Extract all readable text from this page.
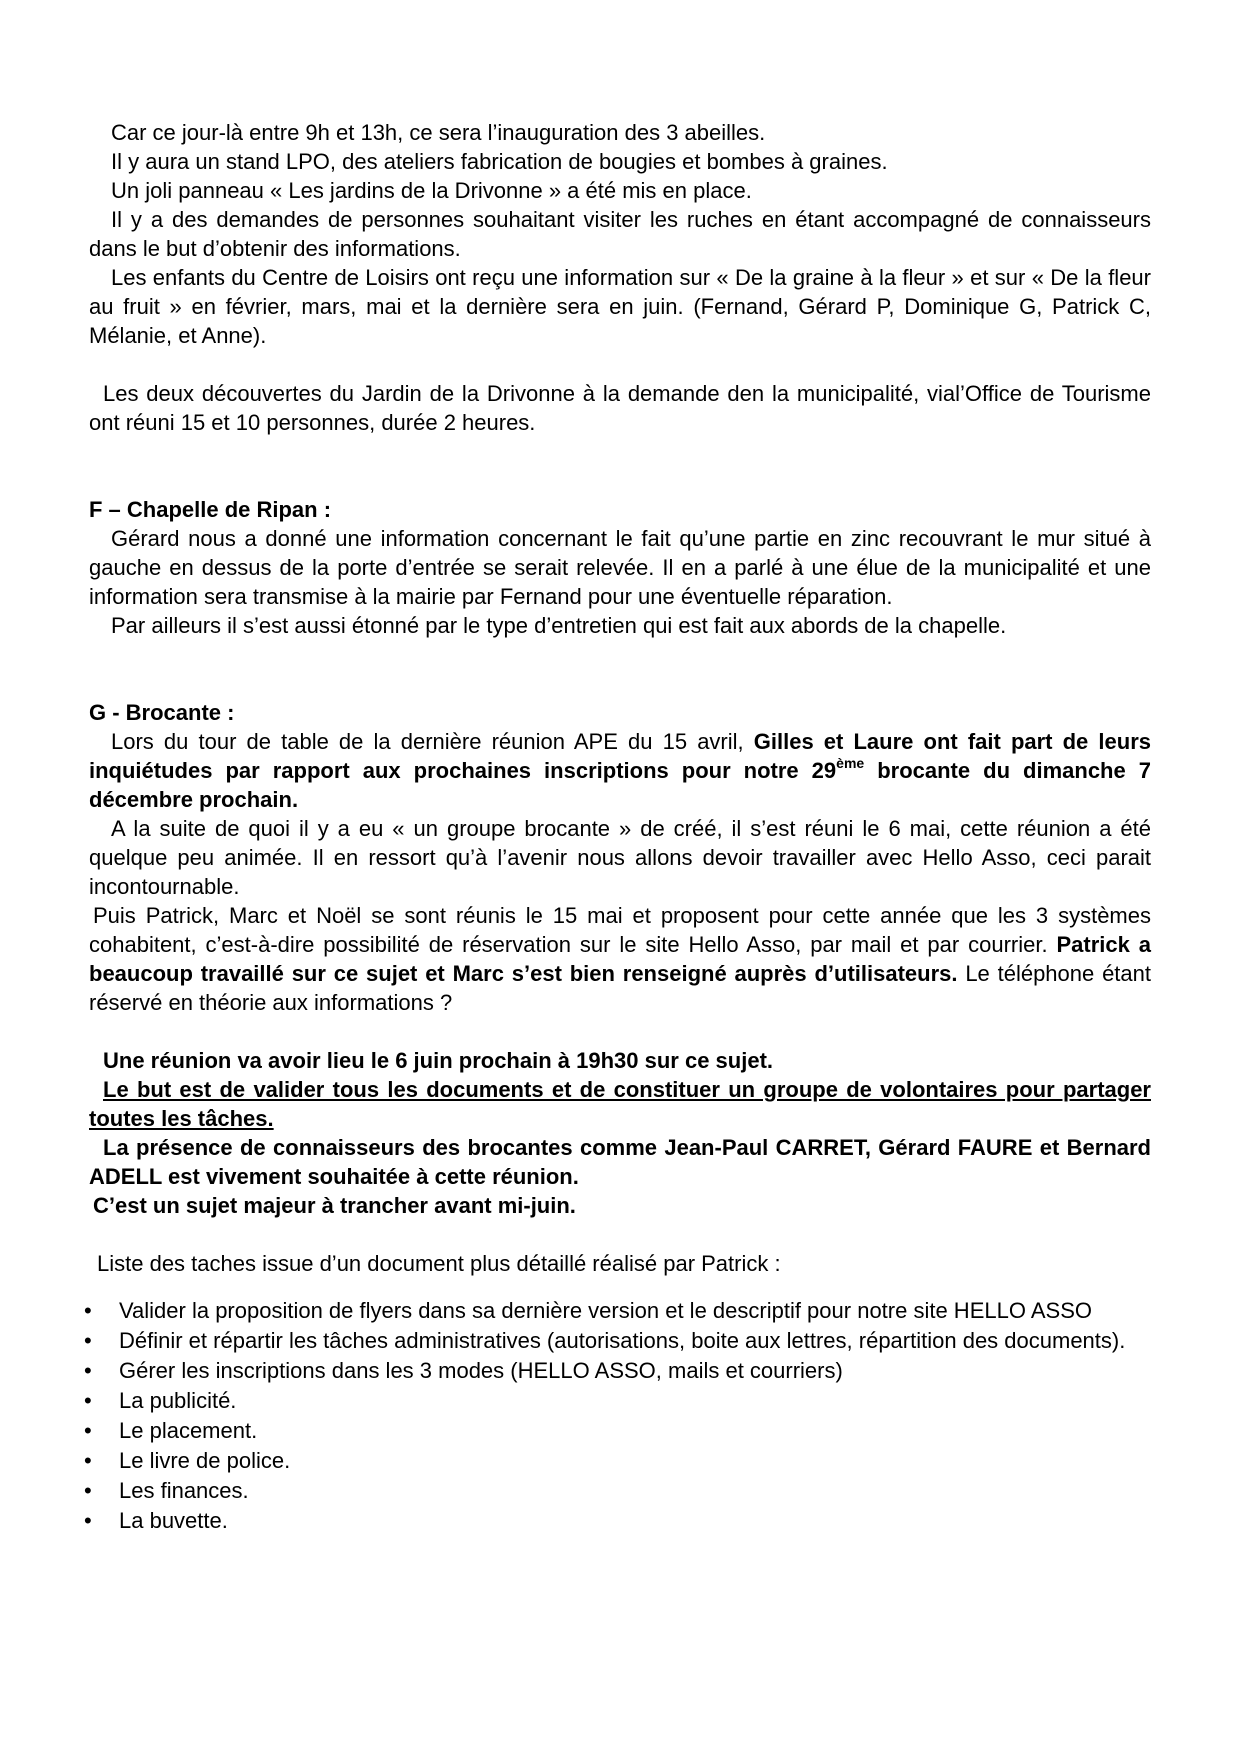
Car ce jour-là entre 9h et 13h, ce sera l’inauguration des 3 abeilles.

Il y aura un stand LPO, des ateliers fabrication de bougies et bombes à graines.

Un joli panneau « Les jardins de la Drivonne » a été mis en place.

Il y a des demandes de personnes souhaitant visiter les ruches en étant accompagné de connaisseurs dans le but d’obtenir des informations.

Les enfants du Centre de Loisirs ont reçu une information sur « De la graine à la fleur » et sur « De la fleur au fruit » en février, mars, mai et la dernière sera en juin. (Fernand, Gérard P, Dominique G, Patrick C, Mélanie, et Anne).

Les deux découvertes du Jardin de la Drivonne à la demande den la municipalité, vial’Office de Tourisme ont réuni 15 et 10 personnes, durée 2 heures.

F – Chapelle de Ripan :

Gérard nous a donné une information concernant le fait qu’une partie en zinc recouvrant le mur situé à gauche en dessus de la porte d’entrée se serait relevée. Il en a parlé à une élue de la municipalité et une information sera transmise à la mairie par Fernand pour une éventuelle réparation.

Par ailleurs il s’est aussi étonné par le type d’entretien qui est fait aux abords de la chapelle.

G - Brocante :

Lors du tour de table de la dernière réunion APE du 15 avril, Gilles et Laure ont fait part de leurs inquiétudes par rapport aux prochaines inscriptions pour notre 29ème brocante du dimanche 7 décembre prochain.

A la suite de quoi il y a eu « un groupe brocante » de créé, il s’est réuni le 6 mai, cette réunion a été quelque peu animée. Il en ressort qu’à l’avenir nous allons devoir travailler avec Hello Asso, ceci parait incontournable.

Puis Patrick, Marc et Noël se sont réunis le 15 mai et proposent pour cette année que les 3 systèmes cohabitent, c’est-à-dire possibilité de réservation sur le site Hello Asso, par mail et par courrier. Patrick a beaucoup travaillé sur ce sujet et Marc s’est bien renseigné auprès d’utilisateurs. Le téléphone étant réservé en théorie aux informations ?

Une réunion va avoir lieu le 6 juin prochain à 19h30 sur ce sujet.

Le but est de valider tous les documents et de constituer un groupe de volontaires pour partager toutes les tâches.

La présence de connaisseurs des brocantes comme Jean-Paul CARRET, Gérard FAURE et Bernard ADELL est vivement souhaitée à cette réunion.

C’est un sujet majeur à trancher avant mi-juin.

Liste des taches issue d’un document plus détaillé réalisé par Patrick :

• Valider la proposition de flyers dans sa dernière version et le descriptif pour notre site HELLO ASSO
• Définir et répartir les tâches administratives (autorisations, boite aux lettres, répartition des documents).
• Gérer les inscriptions dans les 3 modes (HELLO ASSO, mails et courriers)
• La publicité.
• Le placement.
• Le livre de police.
• Les finances.
• La buvette.
